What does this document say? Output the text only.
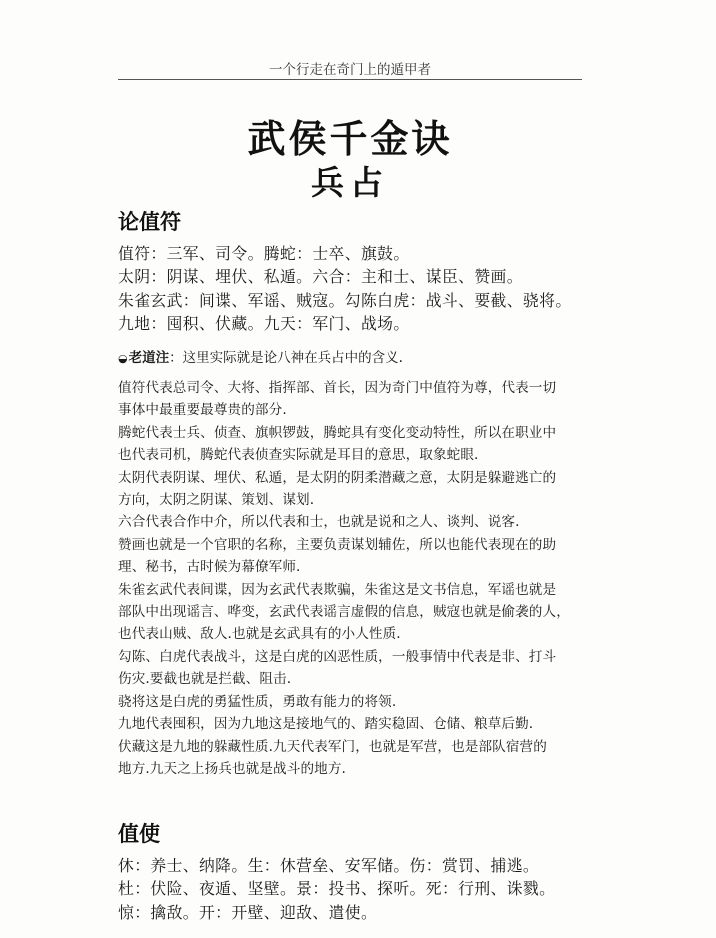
一个行走在奇门上的遁甲者
武侯千金诀
兵占
论值符
值符：三军、司令。腾蛇：士卒、旗鼓。
太阴：阴谋、埋伏、私遁。六合：主和士、谋臣、赞画。
朱雀玄武：间谍、军谣、贼寇。勾陈白虎：战斗、要截、骁将。
九地：囤积、伏藏。九天：军门、战场。
◒老道注：这里实际就是论八神在兵占中的含义.
值符代表总司令、大将、指挥部、首长，因为奇门中值符为尊，代表一切
事体中最重要最尊贵的部分.
腾蛇代表士兵、侦查、旗帜锣鼓，腾蛇具有变化变动特性，所以在职业中
也代表司机，腾蛇代表侦查实际就是耳目的意思，取象蛇眼.
太阴代表阴谋、埋伏、私遁，是太阴的阴柔潜藏之意，太阴是躲避逃亡的
方向，太阴之阴谋、策划、谋划.
六合代表合作中介，所以代表和士，也就是说和之人、谈判、说客.
赞画也就是一个官职的名称，主要负责谋划辅佐，所以也能代表现在的助
理、秘书，古时候为幕僚军师.
朱雀玄武代表间谍，因为玄武代表欺骗，朱雀这是文书信息，军谣也就是
部队中出现谣言、哗变，玄武代表谣言虚假的信息，贼寇也就是偷袭的人，
也代表山贼、敌人.也就是玄武具有的小人性质.
勾陈、白虎代表战斗，这是白虎的凶恶性质，一般事情中代表是非、打斗
伤灾.要截也就是拦截、阻击.
骁将这是白虎的勇猛性质，勇敢有能力的将领.
九地代表囤积，因为九地这是接地气的、踏实稳固、仓储、粮草后勤.
伏藏这是九地的躲藏性质.九天代表军门，也就是军营，也是部队宿营的
地方.九天之上扬兵也就是战斗的地方.
值使
休：养士、纳降。生：休营垒、安军储。伤：赏罚、捕逃。
杜：伏险、夜遁、坚壁。景：投书、探听。死：行刑、诛戮。
惊：擒敌。开：开壁、迎敌、遣使。
